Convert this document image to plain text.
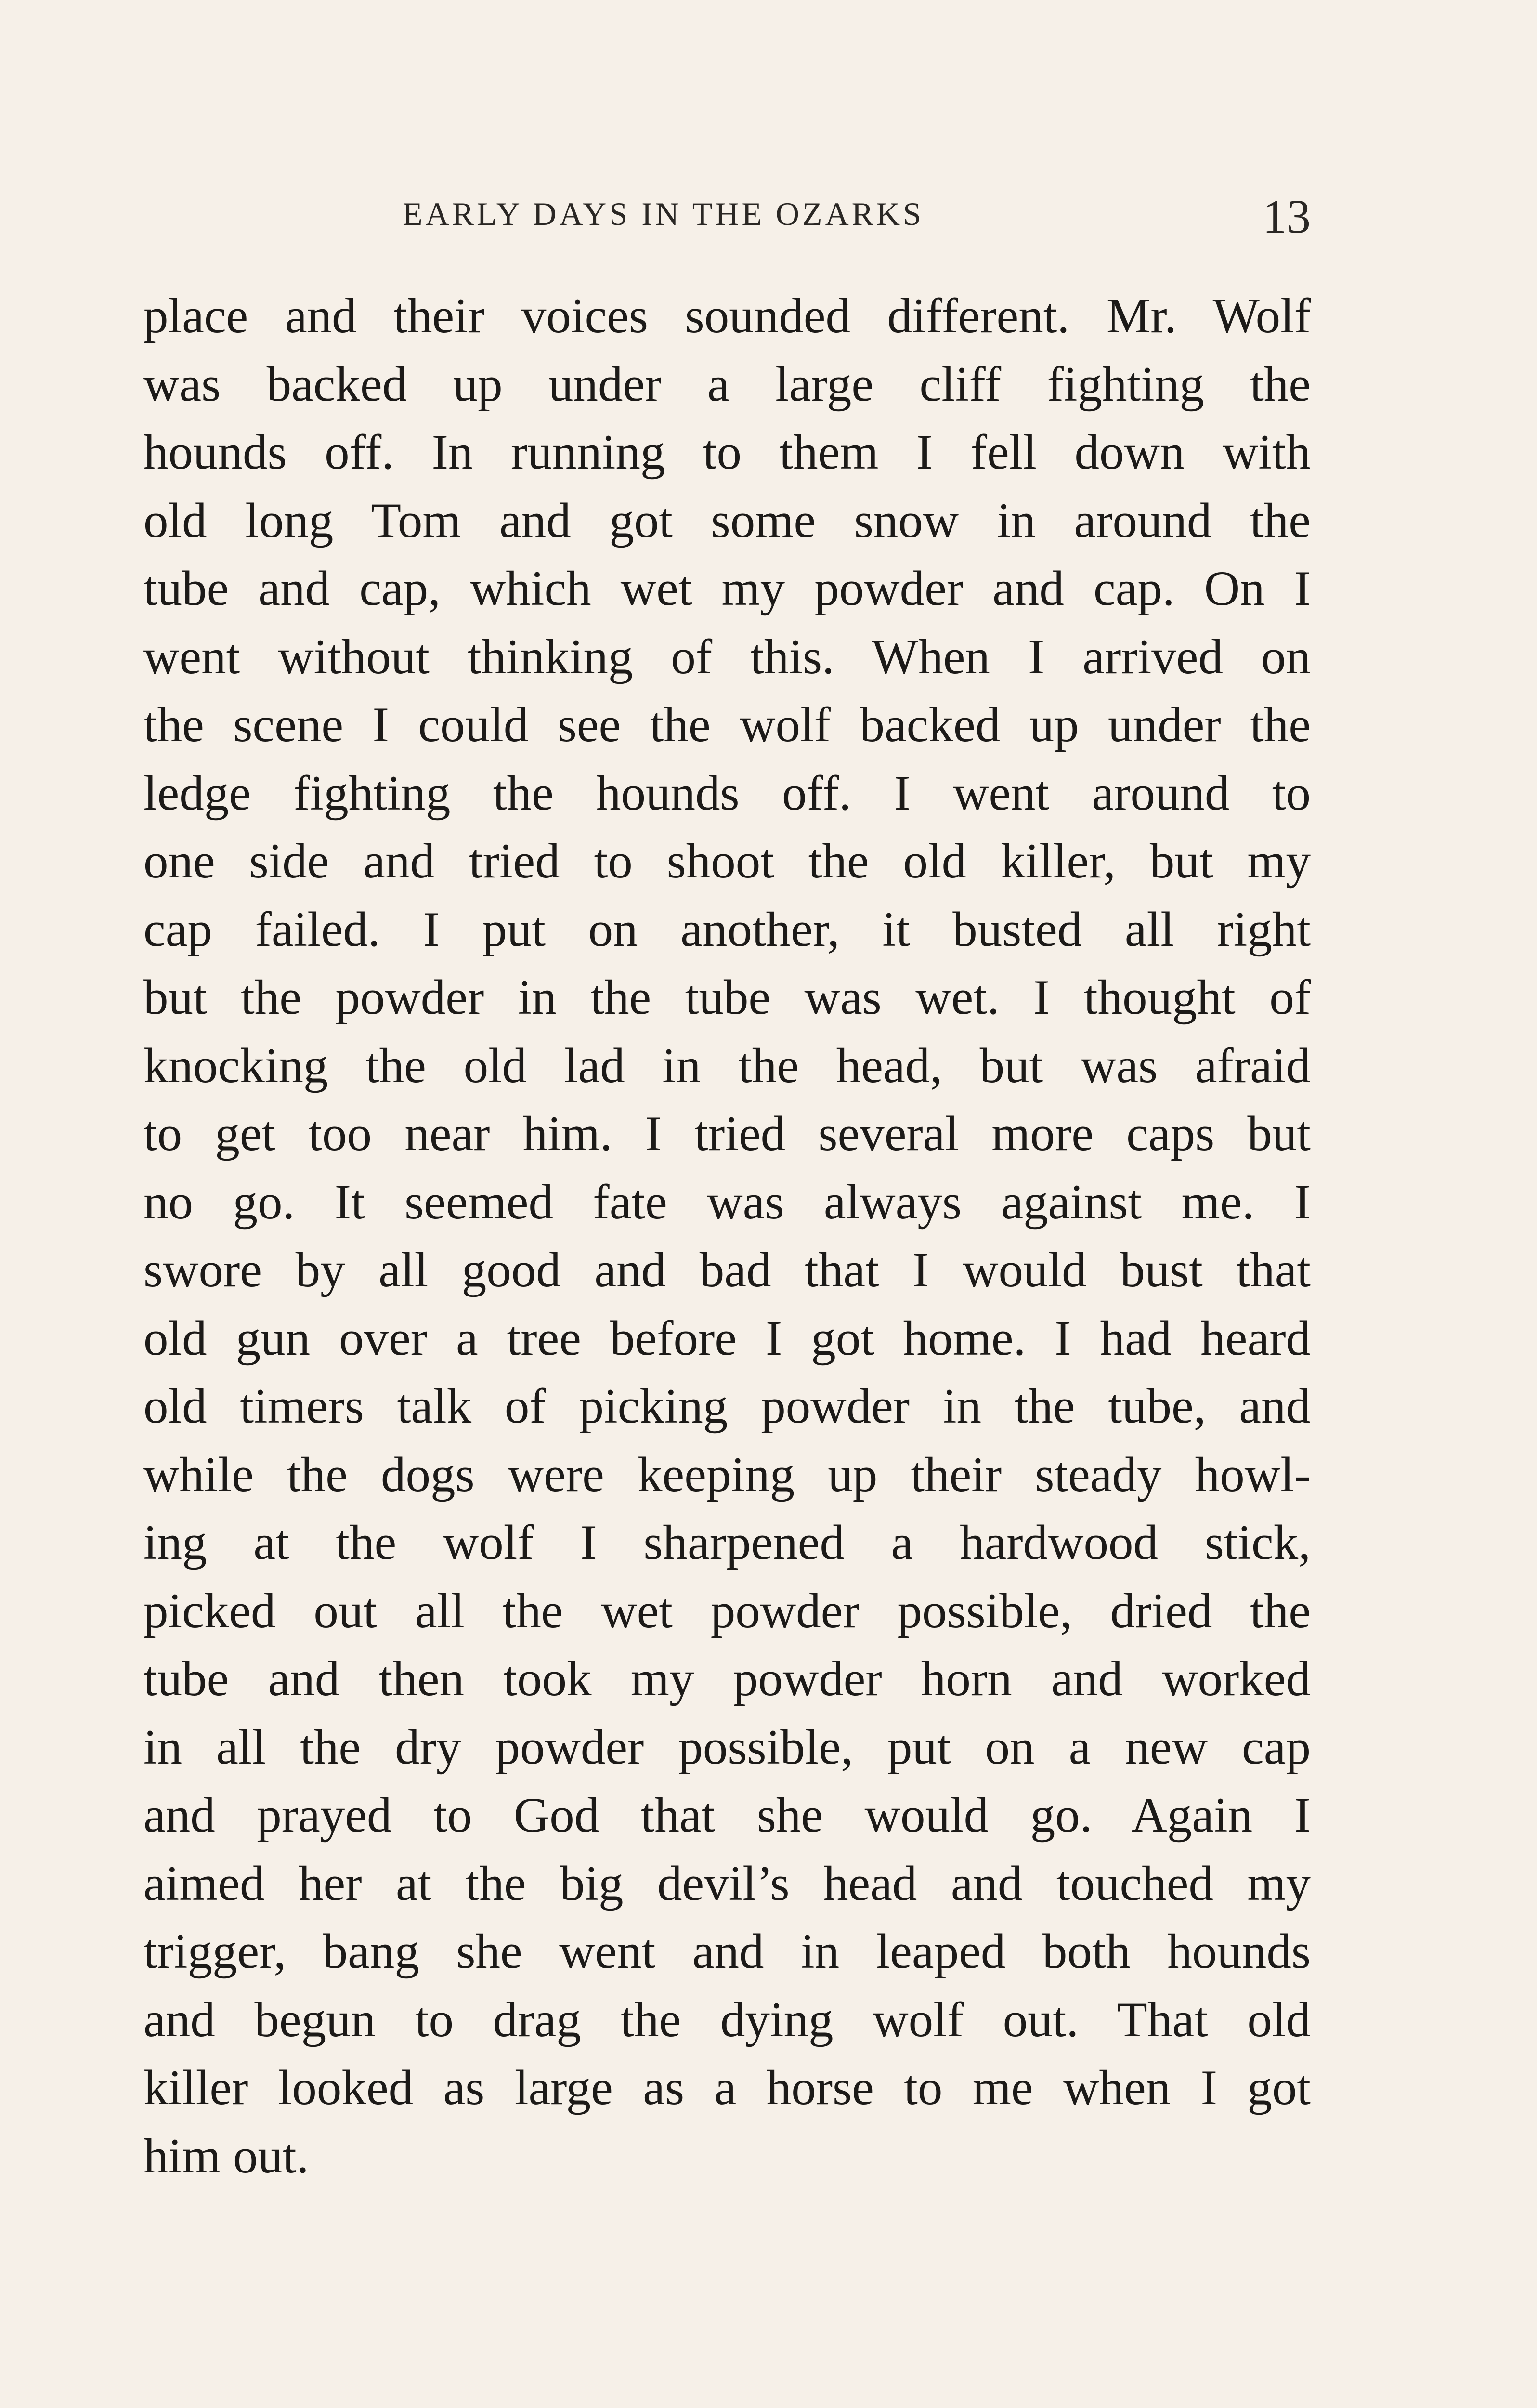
EARLY DAYS IN THE OZARKS	13
place and their voices sounded different. Mr. Wolf
was backed up under a large cliff fighting the
hounds off. In running to them I fell down with
old long Tom and got some snow in around the
tube and cap, which wet my powder and cap. On I
went without thinking of this. When I arrived on
the scene I could see the wolf backed up under the
ledge fighting the hounds off. I went around to
one side and tried to shoot the old killer, but my
cap failed. I put on another, it busted all right
but the powder in the tube was wet. I thought of
knocking the old lad in the head, but was afraid
to get too near him. I tried several more caps but
no go. It seemed fate was always against me. I
swore by all good and bad that I would bust that
old gun over a tree before I got home. I had heard
old timers talk of picking powder in the tube, and
while the dogs were keeping up their steady howl-
ing at the wolf I sharpened a hardwood stick,
picked out all the wet powder possible, dried the
tube and then took my powder horn and worked
in all the dry powder possible, put on a new cap
and prayed to God that she would go. Again I
aimed her at the big devil’s head and touched my
trigger, bang she went and in leaped both hounds
and begun to drag the dying wolf out. That old
killer looked as large as a horse to me when I got
him out.
